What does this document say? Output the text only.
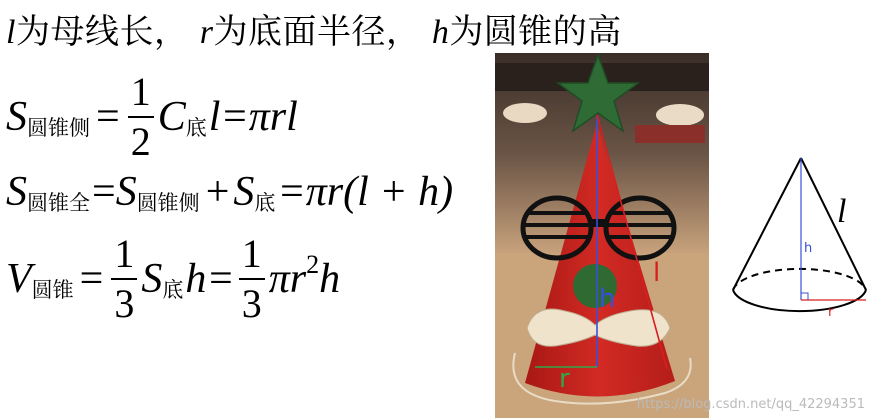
l为母线长， r为底面半径， h为圆锥的高
S 圆锥侧 = $\frac{1}{2}$ C 底 l=πrl
S 圆锥全 = S 圆锥侧 + S 底 =πr(l + h)
V 圆锥 = $\frac{1}{3}$ S 底 $h= \frac{1}{3} \pi r^2$ h	l
h
r
h
r
l
https://blog.csdn.net/qq_42294351
